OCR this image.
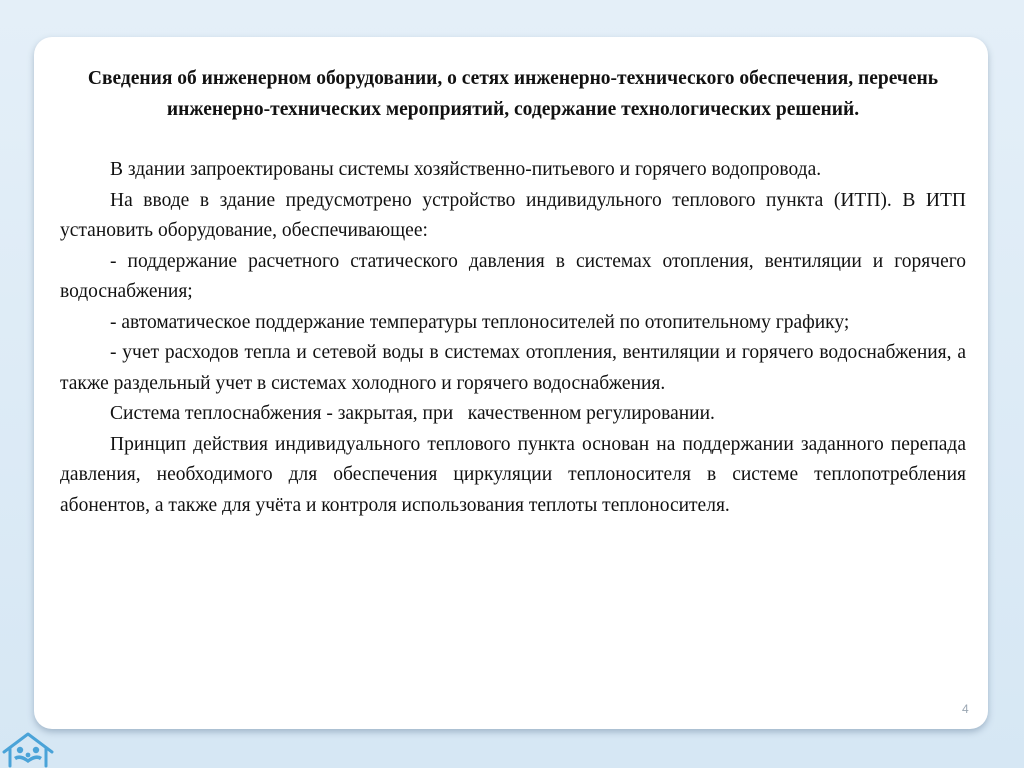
Сведения об инженерном оборудовании, о сетях инженерно-технического обеспечения, перечень инженерно-технических мероприятий, содержание технологических решений.

В здании запроектированы системы хозяйственно-питьевого и горячего водопровода.

На вводе в здание предусмотрено устройство индивидульного теплового пункта (ИТП). В ИТП установить оборудование, обеспечивающее:

- поддержание расчетного статического давления в системах отопления, вентиляции и горячего водоснабжения;

- автоматическое поддержание температуры теплоносителей по отопительному графику;

- учет расходов тепла и сетевой воды в системах отопления, вентиляции и горячего водоснабжения, а также раздельный учет в системах холодного и горячего водоснабжения.

Система теплоснабжения - закрытая, при   качественном регулировании.

Принцип действия индивидуального теплового пункта основан на поддержании заданного перепада давления, необходимого для обеспечения циркуляции теплоносителя в системе теплопотребления абонентов, а также для учёта и контроля использования теплоты теплоносителя.

4
